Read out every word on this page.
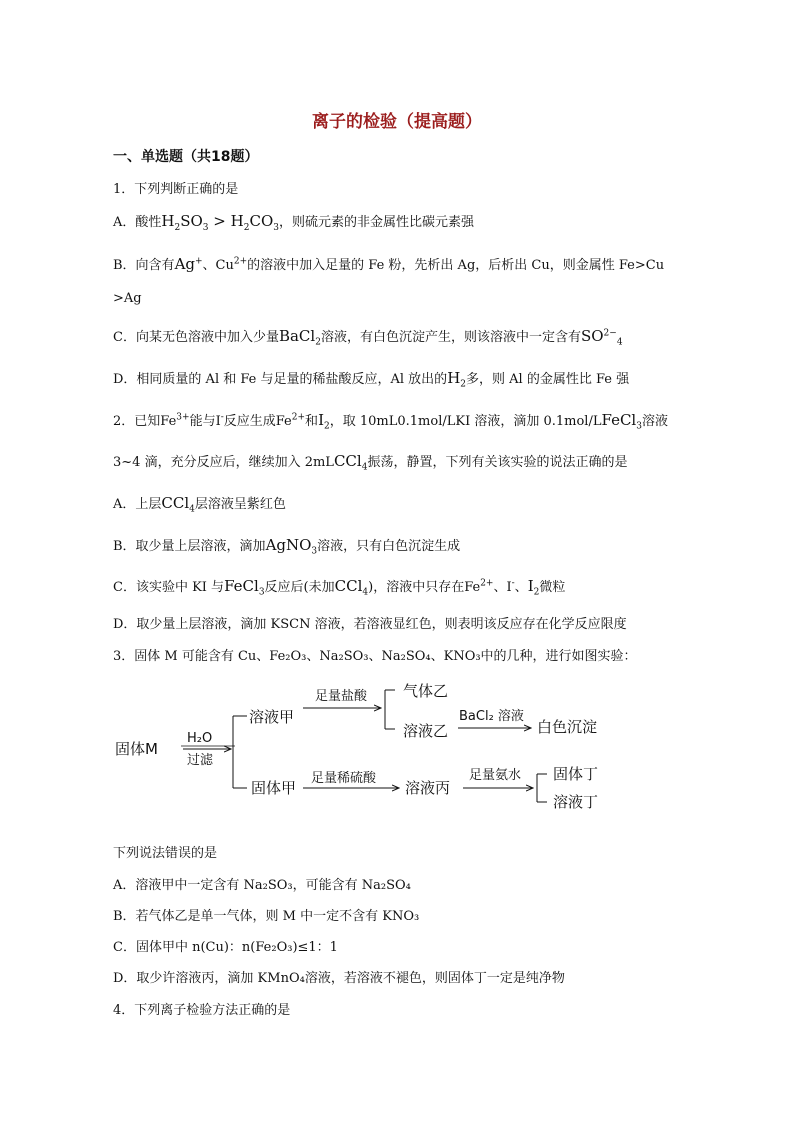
离子的检验（提高题）
一、单选题（共18题）
1．下列判断正确的是
A．酸性$H_2SO_3 > H_2CO_3$，则硫元素的非金属性比碳元素强
B．向含有Ag+、$Cu^{2+}$的溶液中加入足量的 Fe 粉，先析出 Ag，后析出 Cu，则金属性 Fe>Cu
>Ag
C．向某无色溶液中加入少量BaCl$_2$溶液，有白色沉淀产生，则该溶液中一定含有$SO^{2-}_4$
D．相同质量的 Al 和 Fe 与足量的稀盐酸反应，Al 放出的$H_2$多，则 Al 的金属性比 Fe 强
2．已知$Fe^{3+}$能与I-反应生成$Fe^{2+}$和$I_2$，取 10mL0.1mol/LKI 溶液，滴加 0.1mol/LFeCl$_3$溶液
3~4 滴，充分反应后，继续加入 2mLCCl$_4$振荡，静置，下列有关该实验的说法正确的是
A．上层CCl$_4$层溶液呈紫红色
B．取少量上层溶液，滴加AgNO$_3$溶液，只有白色沉淀生成
C．该实验中 KI 与FeCl$_3$反应后(未加CCl$_4$)，溶液中只存在$Fe^{2+}$、I-、$I_2$微粒
D．取少量上层溶液，滴加 KSCN 溶液，若溶液显红色，则表明该反应存在化学反应限度
3．固体 M 可能含有 Cu、Fe₂O₃、Na₂SO₃、Na₂SO₄、KNO₃中的几种，进行如图实验：
固体M
H₂O
过滤
溶液甲
足量盐酸 气体乙
溶液乙
BaCl₂ 溶液
白色沉淀
固体甲
足量稀硫酸
溶液丙
足量氨水 固体丁
溶液丁
下列说法错误的是
A．溶液甲中一定含有 Na₂SO₃，可能含有 Na₂SO₄
B．若气体乙是单一气体，则 M 中一定不含有 KNO₃
C．固体甲中 n(Cu)：n(Fe₂O₃)≤1：1
D．取少许溶液丙，滴加 KMnO₄溶液，若溶液不褪色，则固体丁一定是纯净物
4．下列离子检验方法正确的是
